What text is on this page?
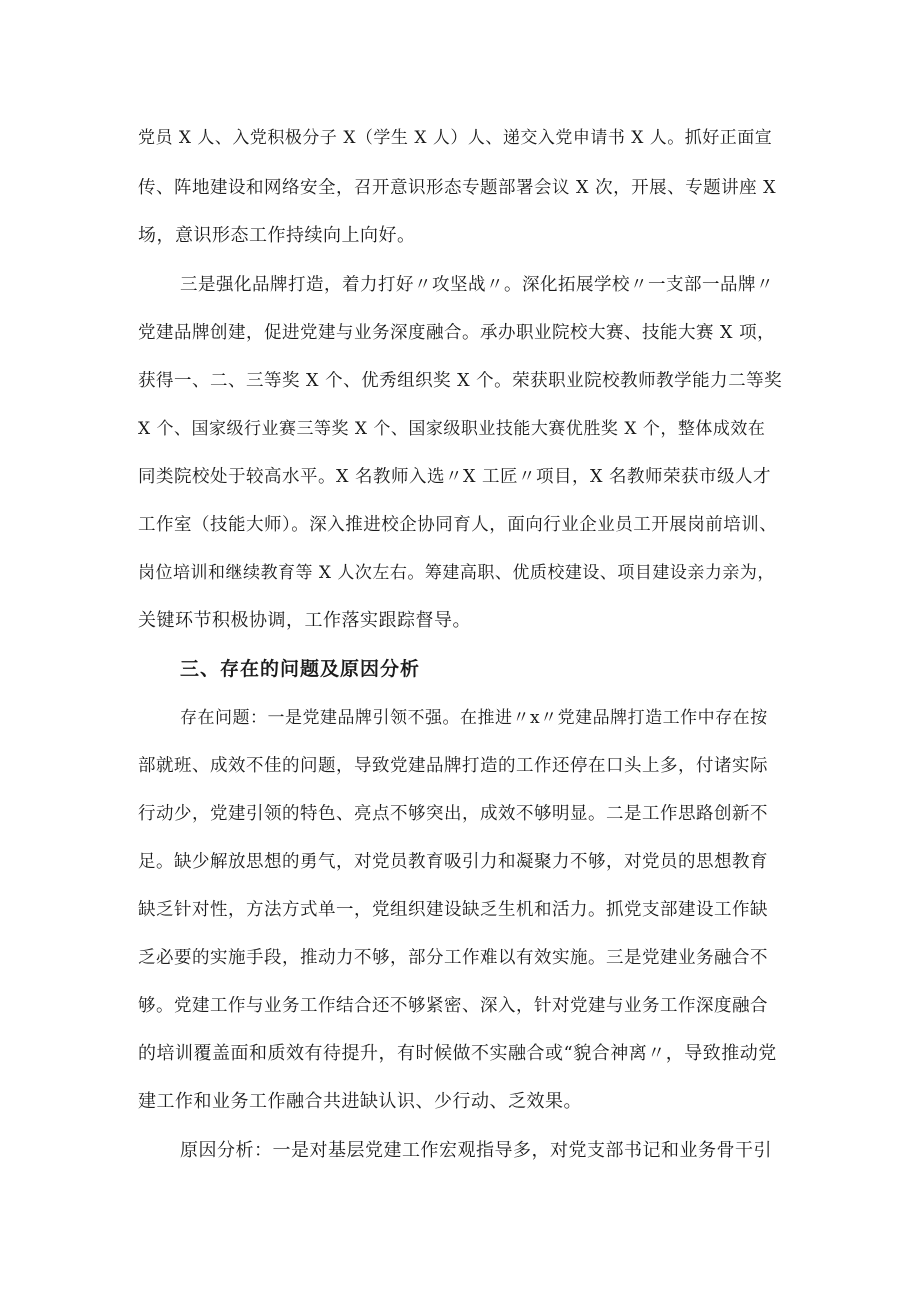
党员 X 人、入党积极分子 X（学生 X 人）人、递交入党申请书 X 人。抓好正面宣

传、阵地建设和网络安全，召开意识形态专题部署会议 X 次，开展、专题讲座 X

场，意识形态工作持续向上向好。

三是强化品牌打造，着力打好〃攻坚战〃。深化拓展学校〃一支部一品牌〃

党建品牌创建，促进党建与业务深度融合。承办职业院校大赛、技能大赛 X 项，

获得一、二、三等奖 X 个、优秀组织奖 X 个。荣获职业院校教师教学能力二等奖

X 个、国家级行业赛三等奖 X 个、国家级职业技能大赛优胜奖 X 个，整体成效在

同类院校处于较高水平。X 名教师入选〃X 工匠〃项目，X 名教师荣获市级人才

工作室（技能大师）。深入推进校企协同育人，面向行业企业员工开展岗前培训、

岗位培训和继续教育等 X 人次左右。筹建高职、优质校建设、项目建设亲力亲为，

关键环节积极协调，工作落实跟踪督导。

三、存在的问题及原因分析

存在问题：一是党建品牌引领不强。在推进〃x〃党建品牌打造工作中存在按

部就班、成效不佳的问题，导致党建品牌打造的工作还停在口头上多，付诸实际

行动少，党建引领的特色、亮点不够突出，成效不够明显。二是工作思路创新不

足。缺少解放思想的勇气，对党员教育吸引力和凝聚力不够，对党员的思想教育

缺乏针对性，方法方式单一，党组织建设缺乏生机和活力。抓党支部建设工作缺

乏必要的实施手段，推动力不够，部分工作难以有效实施。三是党建业务融合不

够。党建工作与业务工作结合还不够紧密、深入，针对党建与业务工作深度融合

的培训覆盖面和质效有待提升，有时候做不实融合或“貌合神离〃，导致推动党

建工作和业务工作融合共进缺认识、少行动、乏效果。

原因分析：一是对基层党建工作宏观指导多，对党支部书记和业务骨干引
